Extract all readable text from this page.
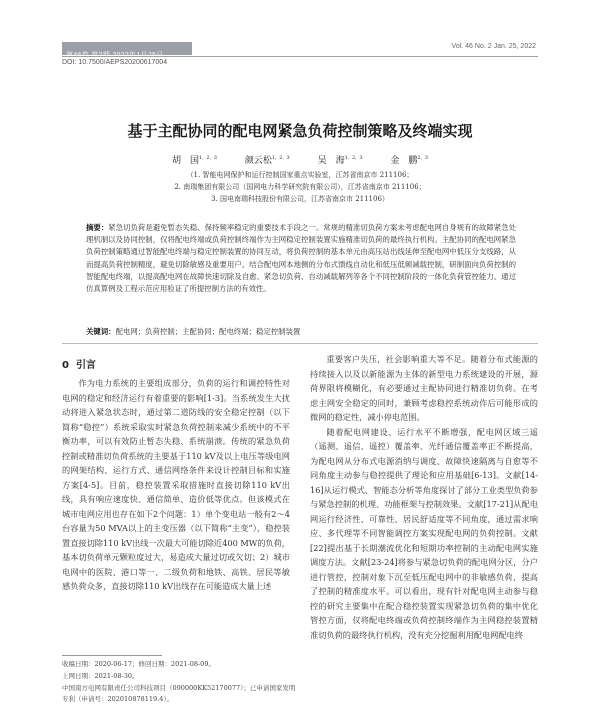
Vol. 46 No. 2 Jan. 25, 2022
DOI: 10.7500/AEPS20200617004
基于主配协同的配电网紧急负荷控制策略及终端实现
胡　国$^{1, 2, 3}$	颜云松$^{1, 2, 3}$	吴　海$^{1, 2, 3}$	金　鹏$^{2, 3}$
（1. 智能电网保护和运行控制国家重点实验室，江苏省南京市 211106；
2. 南瑞集团有限公司（国网电力科学研究院有限公司），江苏省南京市 211106；
3. 国电南瑞科技股份有限公司，江苏省南京市 211106）
摘要：紧急切负荷是避免暂态失稳、保持频率稳定的重要技术手段之一。常规的精准切负荷方案未考虑配电网自身规有的故障紧急处理机制以及协同控制，仅将配电终端或负荷控制终端作为主网稳定控制装置实施精准切负荷的最终执行机构。主配协同的配电网紧急负荷控制策略通过智能配电终端与稳定控制装置的协同互动，将负荷控制的基本单元由高压站出线延伸至配电网中低压分支线路，从而提高负荷控制精度，避免切除敏感及重要用户。结合配电网本地侧的分布式馈线自动化和低压低频减载控制，研制面向负荷控制的智能配电终端，以提高配电网在故障快速切除及自愈、紧急切负荷、自动减载解列等各个不同控制阶段的一体化负荷管控能力。通过仿真算例及工程示范应用验证了所提控制方法的有效性。
关键词：配电网；负荷控制；主配协同；配电终端；稳定控制装置
0 引言

作为电力系统的主要组成部分，负荷的运行和调控特性对电网的稳定和经济运行有着重要的影响[1-3]。当系统发生大扰动将进入紧急状态时，通过第二道防线的安全稳定控制（以下简称“稳控”）系统采取实时紧急负荷控制来减少系统中的不平衡功率，可以有效防止暂态失稳、系统崩溃。传统的紧急负荷控制或精准切负荷系统的主要基于110 kV及以上电压等级电网的网架结构、运行方式、通信网络条件来设计控制目标和实施方案[4-5]。目前，稳控装置采取措施时直接切除110 kV出线，具有响应速度快、通信简单、造价低等优点。但该模式在城市电网应用也存在如下2个问题：1）单个变电站一般有2～4台容量为50 MVA以上的主变压器（以下简称“主变”），稳控装置直接切除110 kV出线一次最大可能切除近400 MW的负荷，基本切负荷单元颗粒度过大，易造成大量过切或欠切；2）城市电网中的医院、港口等一、二级负荷和地铁、高铁、居民等敏感负荷众多，直接切除110 kV出线存在可能造成大量上述

重要客户失压，社会影响重大等不足。随着分布式能源的持续接入以及以新能源为主体的新型电力系统建设的开展，源荷界限将模糊化，有必要通过主配协同进行精准切负荷。在考虑主网安全稳定的同时，兼顾考虑稳控系统动作后可能形成的微网的稳定性，减小停电范围。

随着配电网建设、运行水平不断增强，配电网区域三遥（遥测、遥信、遥控）覆盖率、光纤通信覆盖率正不断提高，为配电网从分布式电源消纳与调度、故障快速隔离与自愈等不同角度主动参与稳控提供了理论和应用基础[6-13]。文献[14-16]从运行模式、智能态分析等角度探讨了部分工业类型负荷参与紧急控制的机理、功能框架与控制效果。文献[17-21]从配电网运行经济性、可靠性、居民舒适度等不同角度，通过需求响应、多代理等不同智能调控方案实现配电网的负荷控制。文献[22]提出基于长期潮流优化和短期功率控制的主动配电网实施调度方法。文献[23-24]将参与紧急切负荷的配电网分区，分户进行管控，控制对象下沉至低压配电网中的非敏感负荷，提高了控制的精准度水平。可以看出，现有针对配电网主动参与稳控的研究主要集中在配合稳控装置实现紧急切负荷的集中优化管控方面，仅将配电终端或负荷控制终端作为主网稳控装置精准切负荷的最终执行机构，没有充分挖掘利用配电网配电终

收稿日期：2020-06-17；修回日期：2021-08-09。
上网日期：2021-08-30。
中国南方电网有限责任公司科技项目（090000KK52170077）；已申请国家发明专利（申请号：202010878119.4）。
